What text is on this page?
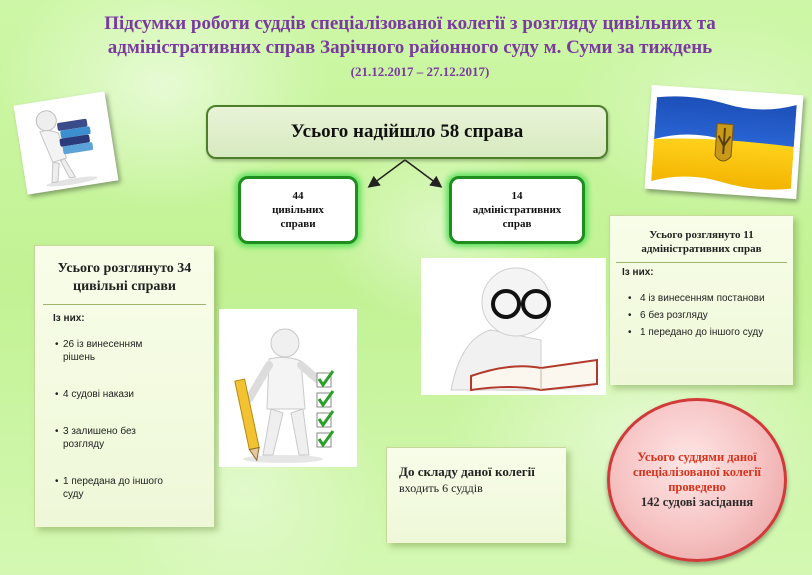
Підсумки роботи суддів спеціалізованої колегії з розгляду цивільних та адміністративних справ Зарічного районного суду м. Суми за тиждень
(21.12.2017 – 27.12.2017)
Усього надійшло 58 справа
44
цивільних
справи
14
адміністративних
справ
Усього розглянуто 34 цивільні справи
Із них:
• 26 із винесенням рішень
• 4 судові накази
• 3 залишено без розгляду
• 1 передана до іншого суду
Усього розглянуто 11 адміністративних справ
Із них:
• 4 із винесенням постанови
• 6 без розгляду
• 1 передано до іншого суду
До складу даної колегії входить 6 суддів
Усього суддями даної спеціалізованої колегії проведено
142 судові засідання
